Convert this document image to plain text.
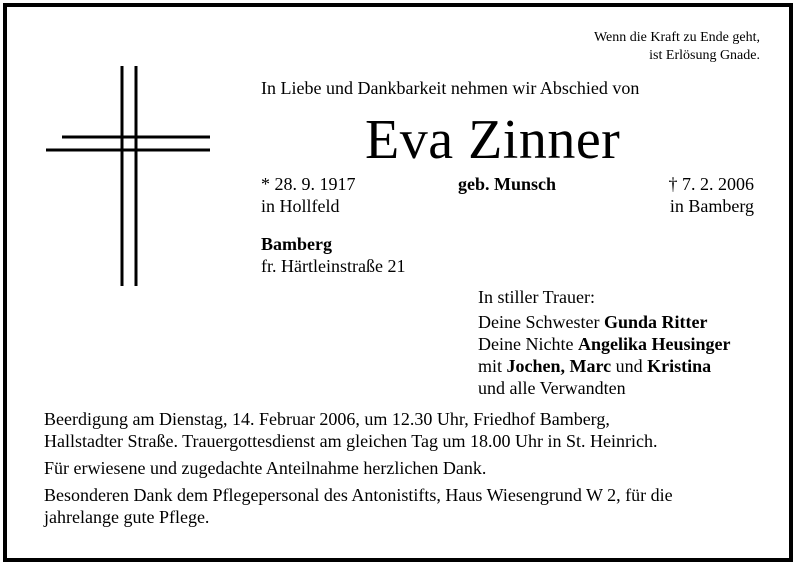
Wenn die Kraft zu Ende geht,
ist Erlösung Gnade.
In Liebe und Dankbarkeit nehmen wir Abschied von
Eva Zinner
* 28. 9. 1917
in Hollfeld
geb. Munsch	† 7. 2. 2006
in Bamberg
Bamberg
fr. Härtleinstraße 21
In stiller Trauer:
Deine Schwester Gunda Ritter
Deine Nichte Angelika Heusinger
mit Jochen, Marc und Kristina
und alle Verwandten

Beerdigung am Dienstag, 14. Februar 2006, um 12.30 Uhr, Friedhof Bamberg,
Hallstadter Straße. Trauergottesdienst am gleichen Tag um 18.00 Uhr in St. Heinrich.

Für erwiesene und zugedachte Anteilnahme herzlichen Dank.

Besonderen Dank dem Pflegepersonal des Antonistifts, Haus Wiesengrund W 2, für die
jahrelange gute Pflege.
